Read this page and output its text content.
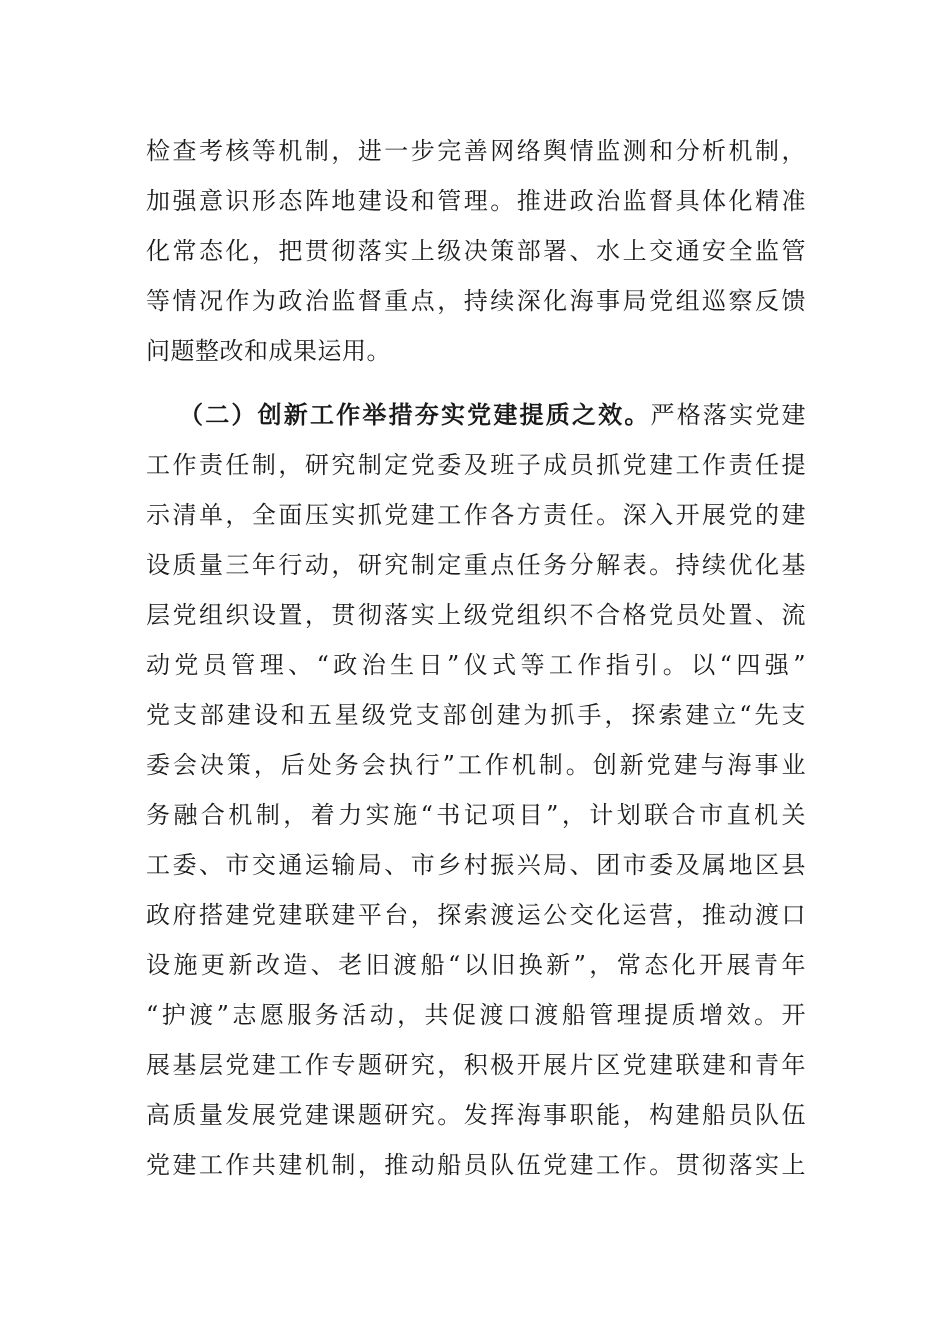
检查考核等机制，进一步完善网络舆情监测和分析机制，
加强意识形态阵地建设和管理。推进政治监督具体化精准
化常态化，把贯彻落实上级决策部署、水上交通安全监管
等情况作为政治监督重点，持续深化海事局党组巡察反馈
问题整改和成果运用。
（二）创新工作举措夯实党建提质之效。严格落实党建
工作责任制，研究制定党委及班子成员抓党建工作责任提
示清单，全面压实抓党建工作各方责任。深入开展党的建
设质量三年行动，研究制定重点任务分解表。持续优化基
层党组织设置，贯彻落实上级党组织不合格党员处置、流
动党员管理、“政治生日”仪式等工作指引。以“四强”
党支部建设和五星级党支部创建为抓手，探索建立“先支
委会决策，后处务会执行”工作机制。创新党建与海事业
务融合机制，着力实施“书记项目”，计划联合市直机关
工委、市交通运输局、市乡村振兴局、团市委及属地区县
政府搭建党建联建平台，探索渡运公交化运营，推动渡口
设施更新改造、老旧渡船“以旧换新”，常态化开展青年
“护渡”志愿服务活动，共促渡口渡船管理提质增效。开
展基层党建工作专题研究，积极开展片区党建联建和青年
高质量发展党建课题研究。发挥海事职能，构建船员队伍
党建工作共建机制，推动船员队伍党建工作。贯彻落实上
